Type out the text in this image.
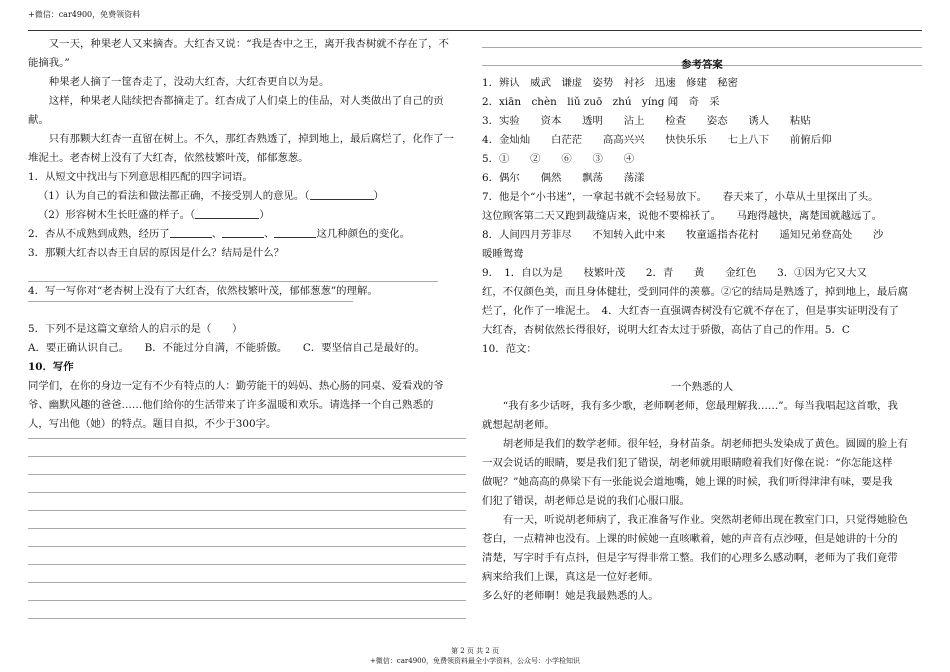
+微信：car4900，免费领资料
又一天，种果老人又来摘杏。大红杏又说：“我是杏中之王，离开我杏树就不存在了，不
能摘我。”
种果老人摘了一筐杏走了，没动大红杏，大红杏更自以为是。
这样，种果老人陆续把杏都摘走了。红杏成了人们桌上的佳品，对人类做出了自己的贡
献。
只有那颗大红杏一直留在树上。不久，那红杏熟透了，掉到地上，最后腐烂了，化作了一
堆泥土。老杏树上没有了大红杏，依然枝繁叶茂，郁郁葱葱。
1．从短文中找出与下列意思相匹配的四字词语。
（1）认为自己的看法和做法都正确，不接受别人的意见。（	）
（2）形容树木生长旺盛的样子。（	）
2．杏从不成熟到成熟，经历了	、	、	这几种颜色的变化。
3．那颗大红杏以杏王自居的原因是什么？结局是什么？
4．写一写你对“老杏树上没有了大红杏，依然枝繁叶茂，郁郁葱葱”的理解。
5．下列不是这篇文章给人的启示的是（　　）
A．要正确认识自己。　　B．不能过分自满，不能骄傲。　　C．要坚信自己是最好的。
10．写作
同学们，在你的身边一定有不少有特点的人：勤劳能干的妈妈、热心肠的同桌、爱看戏的爷
爷、幽默风趣的爸爸……他们给你的生活带来了许多温暖和欢乐。请选择一个自己熟悉的
人，写出他（她）的特点。题目自拟，不少于300字。
参考答案
1．辨认　威武　谦虚　姿势　衬衫　迅速　修建　秘密
2．xiān　chèn　liǔ zuō　zhú　yíng 闻　奇　采
3．实验　　资本　　透明　　沾上　　检查　　姿态　　诱人　　粘贴
4．金灿灿　　白茫茫　　高高兴兴　　快快乐乐　　七上八下　　前俯后仰
5．①　　②　　⑥　　③　　④
6．偶尔　　偶然　　飘荡　　荡漾
7．他是个“小书迷”，一拿起书就不会轻易放下。　　春天来了，小草从土里探出了头。
这位顾客第二天又跑到裁缝店来，说他不要棉袄了。　　马跑得越快，离楚国就越远了。
8．人间四月芳菲尽　　不知转入此中来　　牧童遥指杏花村　　遥知兄弟登高处　　沙
暖睡鸳鸯
9．　1．自以为是　　枝繁叶茂　　2．青　　黄　　金红色　　3．①因为它又大又
红，不仅颜色美，而且身体健壮，受到同伴的羡慕。②它的结局是熟透了，掉到地上，最后腐
烂了，化作了一堆泥土。　4．大红杏一直强调杏树没有它就不存在了，但是事实证明没有了
大红杏，杏树依然长得很好，说明大红杏太过于骄傲，高估了自己的作用。5．C
10．范文：
一个熟悉的人
“我有多少话呀，我有多少歌，老师啊老师，您最理解我……”。每当我唱起这首歌，我
就想起胡老师。
胡老师是我们的数学老师。很年轻，身材苗条。胡老师把头发染成了黄色。圆圆的脸上有
一双会说话的眼睛，要是我们犯了错误，胡老师就用眼睛瞪着我们好像在说：“你怎能这样
做呢？”她高高的鼻梁下有一张能说会道地嘴，她上课的时候，我们听得津津有味，要是我
们犯了错误，胡老师总是说的我们心服口服。
有一天，听说胡老师病了，我正准备写作业。突然胡老师出现在教室门口，只觉得她脸色
苍白，一点精神也没有。上课的时候她一直咳嗽着，她的声音有点沙哑，但是她讲的十分的
清楚，写字时手有点抖，但是字写得非常工整。我们的心理多么感动啊，老师为了我们竟带
病来给我们上课，真这是一位好老师。
多么好的老师啊！她是我最熟悉的人。
第 2 页 共 2 页
+微信：car4900，免费领资料最全小学资料，公众号：小学检知识
